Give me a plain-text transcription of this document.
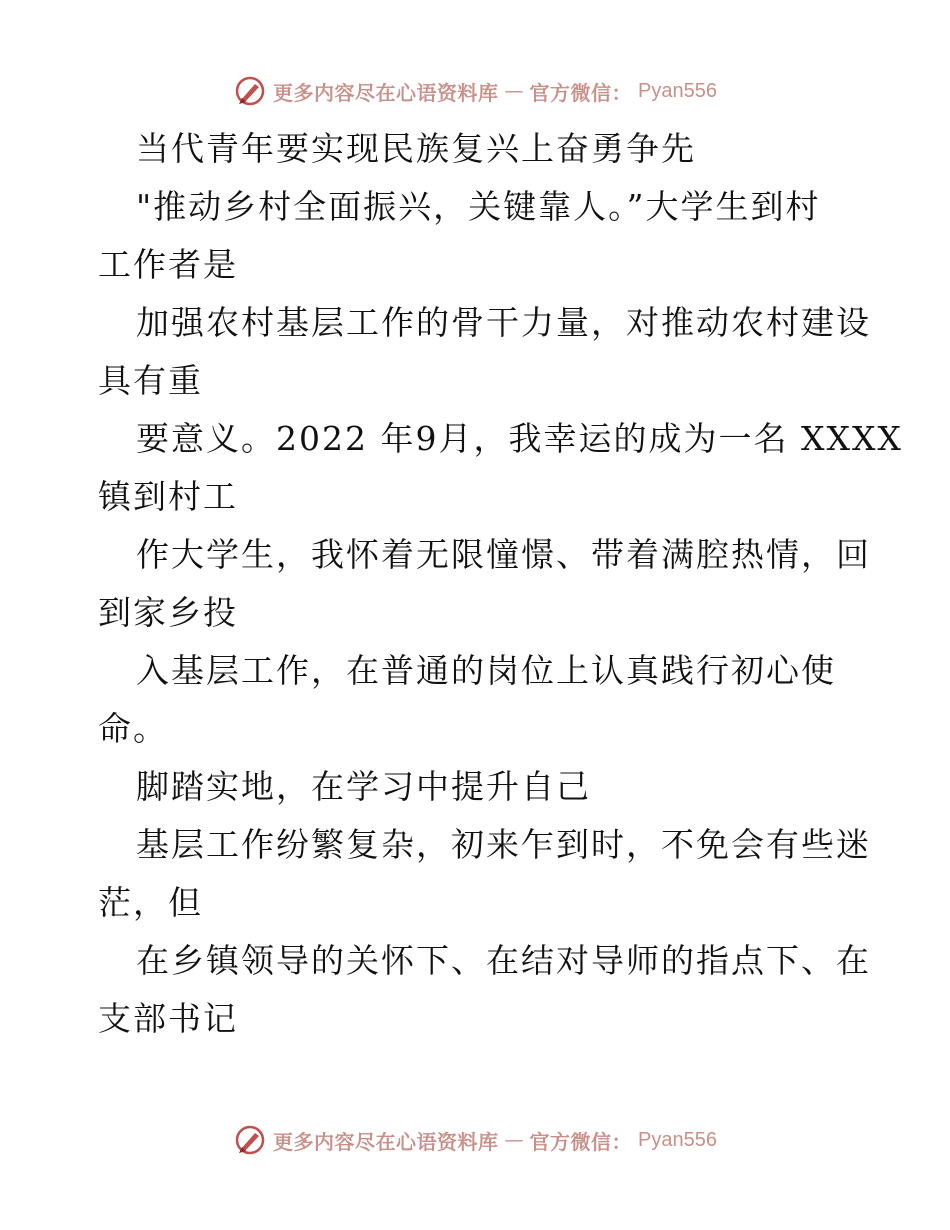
更多内容尽在心语资料库 — 官方微信： Pyan556
当代青年要实现民族复兴上奋勇争先
"推动乡村全面振兴，关键靠人。”大学生到村
工作者是
加强农村基层工作的骨干力量，对推动农村建设
具有重
要意义。2022 年9月，我幸运的成为一名 XXXX
镇到村工
作大学生，我怀着无限憧憬、带着满腔热情，回
到家乡投
入基层工作，在普通的岗位上认真践行初心使
命。
脚踏实地，在学习中提升自己
基层工作纷繁复杂，初来乍到时，不免会有些迷
茫，但
在乡镇领导的关怀下、在结对导师的指点下、在
支部书记
更多内容尽在心语资料库 — 官方微信： Pyan556
